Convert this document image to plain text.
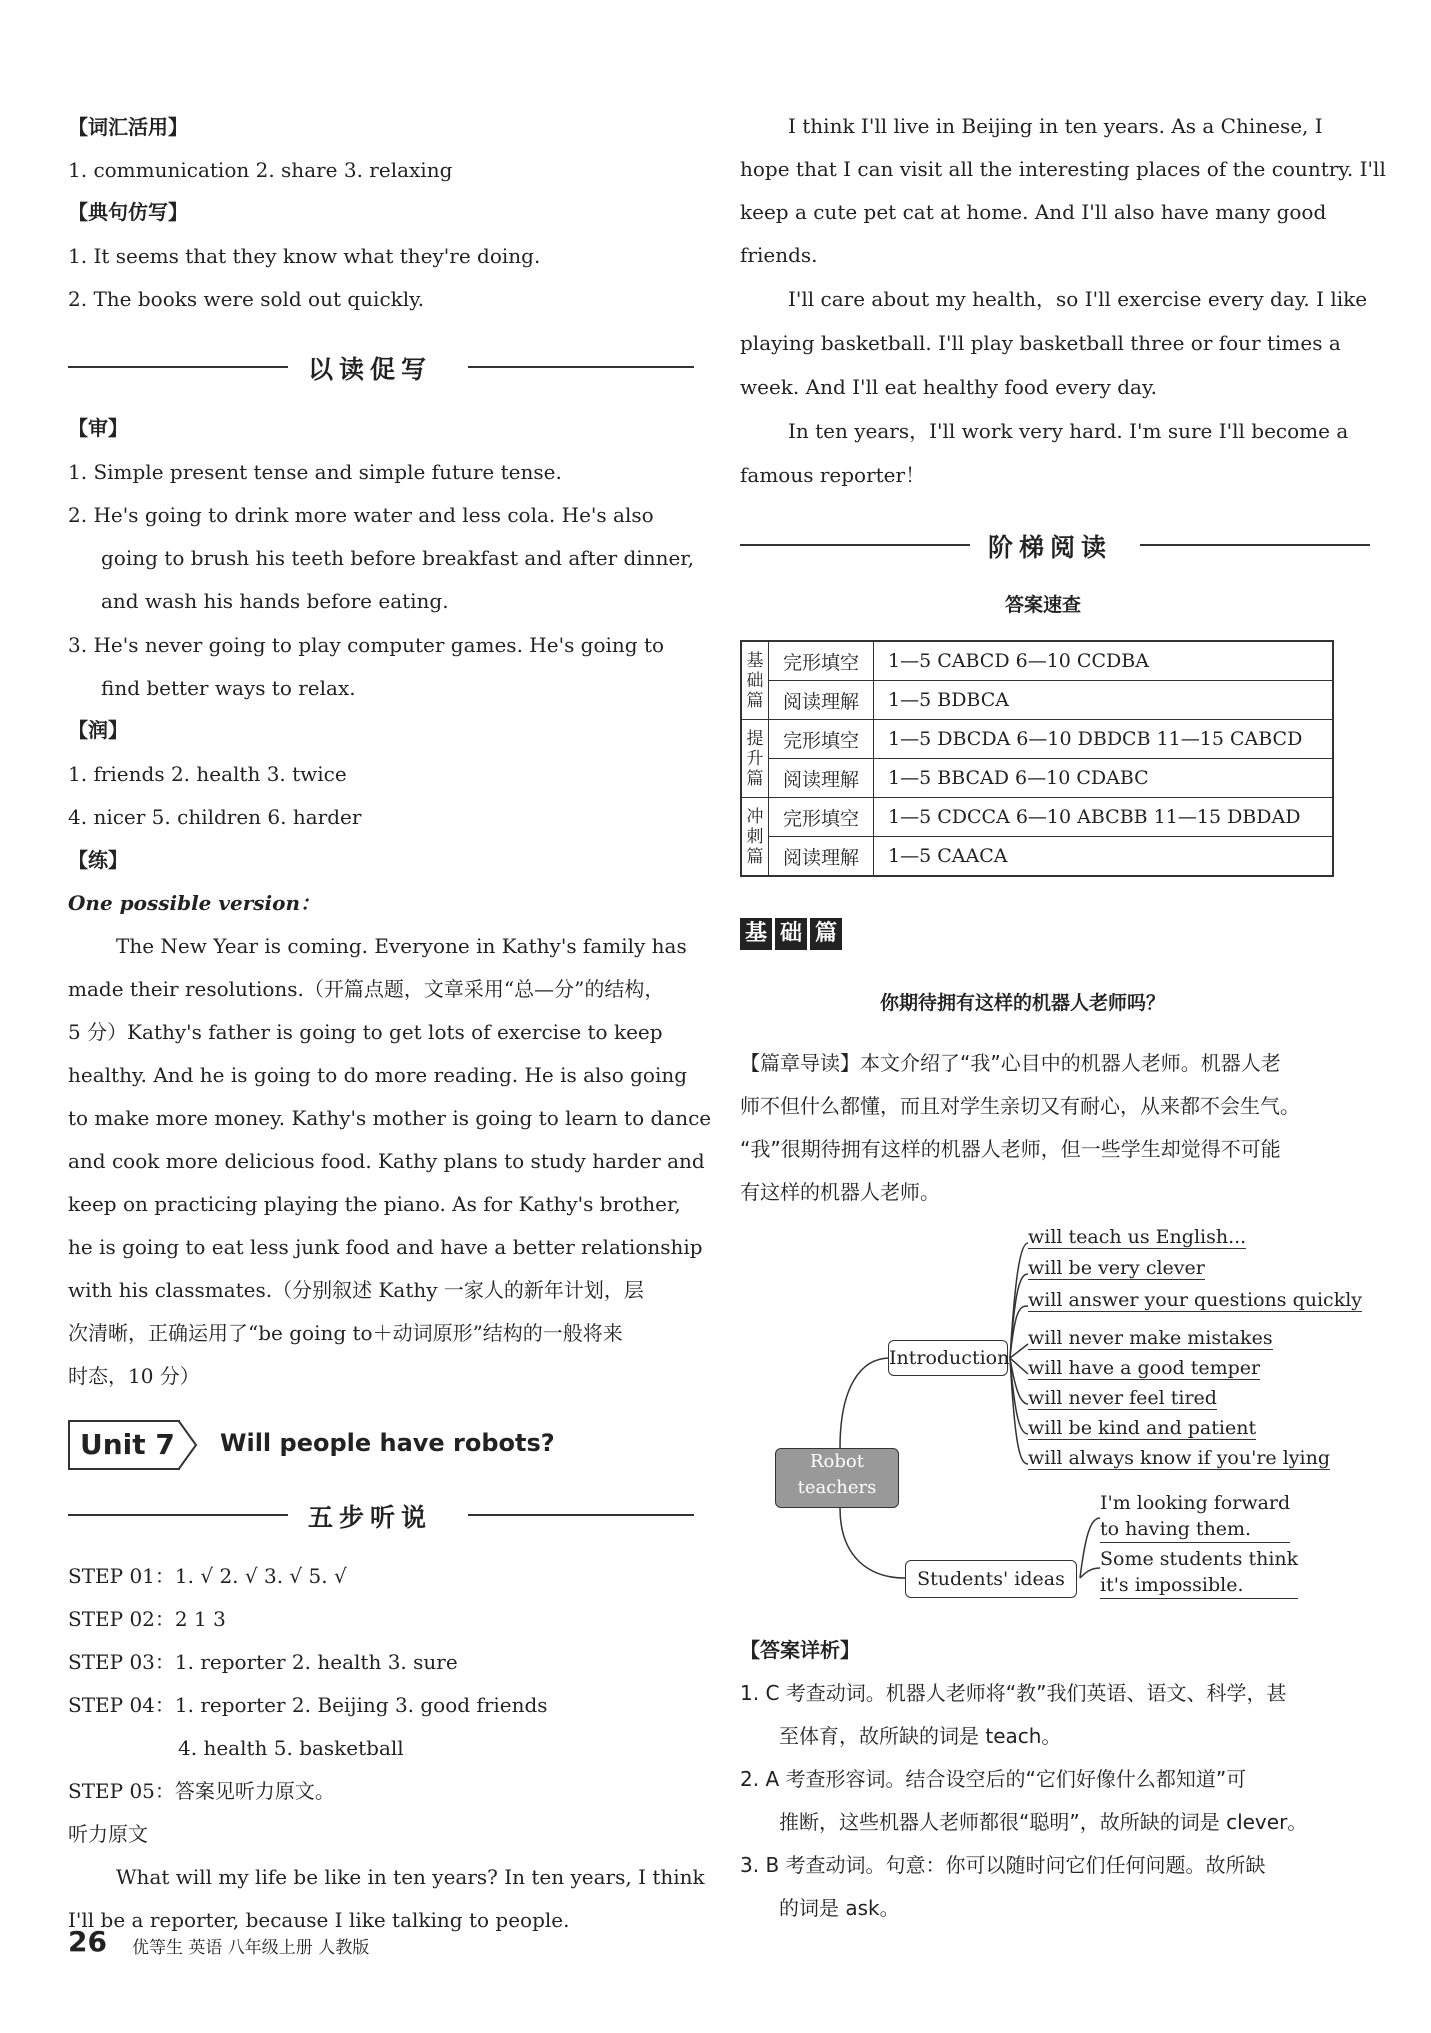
【词汇活用】
1. communication 2. share 3. relaxing
【典句仿写】
1. It seems that they know what they're doing.
2. The books were sold out quickly.
以读促写
【审】
1. Simple present tense and simple future tense.
2. He's going to drink more water and less cola. He's also
going to brush his teeth before breakfast and after dinner,
and wash his hands before eating.
3. He's never going to play computer games. He's going to
find better ways to relax.
【润】
1. friends 2. health 3. twice
4. nicer 5. children 6. harder
【练】
One possible version：
The New Year is coming. Everyone in Kathy's family has
made their resolutions.（开篇点题，文章采用“总—分”的结构，
5 分）Kathy's father is going to get lots of exercise to keep
healthy. And he is going to do more reading. He is also going
to make more money. Kathy's mother is going to learn to dance
and cook more delicious food. Kathy plans to study harder and
keep on practicing playing the piano. As for Kathy's brother,
he is going to eat less junk food and have a better relationship
with his classmates.（分别叙述 Kathy 一家人的新年计划，层
次清晰，正确运用了“be going to＋动词原形”结构的一般将来
时态，10 分）
Unit 7 Will people have robots?
五步听说
STEP 01：1. √ 2. √ 3. √ 5. √
STEP 02：2 1 3
STEP 03：1. reporter 2. health 3. sure
STEP 04：1. reporter 2. Beijing 3. good friends
4. health 5. basketball
STEP 05：答案见听力原文。
听力原文
What will my life be like in ten years? In ten years, I think
I'll be a reporter, because I like talking to people.
I think I'll live in Beijing in ten years. As a Chinese, I
hope that I can visit all the interesting places of the country. I'll
keep a cute pet cat at home. And I'll also have many good
friends.
I'll care about my health，so I'll exercise every day. I like
playing basketball. I'll play basketball three or four times a
week. And I'll eat healthy food every day.
In ten years，I'll work very hard. I'm sure I'll become a
famous reporter！
阶梯阅读
答案速查
基
础
篇	完形填空	1—5 CABCD 6—10 CCDBA
	阅读理解	1—5 BDBCA
提
升
篇	完形填空	1—5 DBCDA 6—10 DBDCB 11—15 CABCD
	阅读理解	1—5 BBCAD 6—10 CDABC
冲
刺
篇	完形填空	1—5 CDCCA 6—10 ABCBB 11—15 DBDAD
	阅读理解	1—5 CAACA
基 础 篇
你期待拥有这样的机器人老师吗？
【篇章导读】本文介绍了“我”心目中的机器人老师。机器人老
师不但什么都懂，而且对学生亲切又有耐心，从来都不会生气。
“我”很期待拥有这样的机器人老师，但一些学生却觉得不可能
有这样的机器人老师。
Robot
teachers
Introduction
Students' ideas
will teach us English...
will be very clever
will answer your questions quickly
will never make mistakes
will have a good temper
will never feel tired
will be kind and patient
will always know if you're lying
I'm looking forward
to having them.
Some students think
it's impossible.
【答案详析】
1. C 考查动词。机器人老师将“教”我们英语、语文、科学，甚
至体育，故所缺的词是 teach。
2. A 考查形容词。结合设空后的“它们好像什么都知道”可
推断，这些机器人老师都很“聪明”，故所缺的词是 clever。
3. B 考查动词。句意：你可以随时问它们任何问题。故所缺
的词是 ask。
26 优等生 英语 八年级上册 人教版
